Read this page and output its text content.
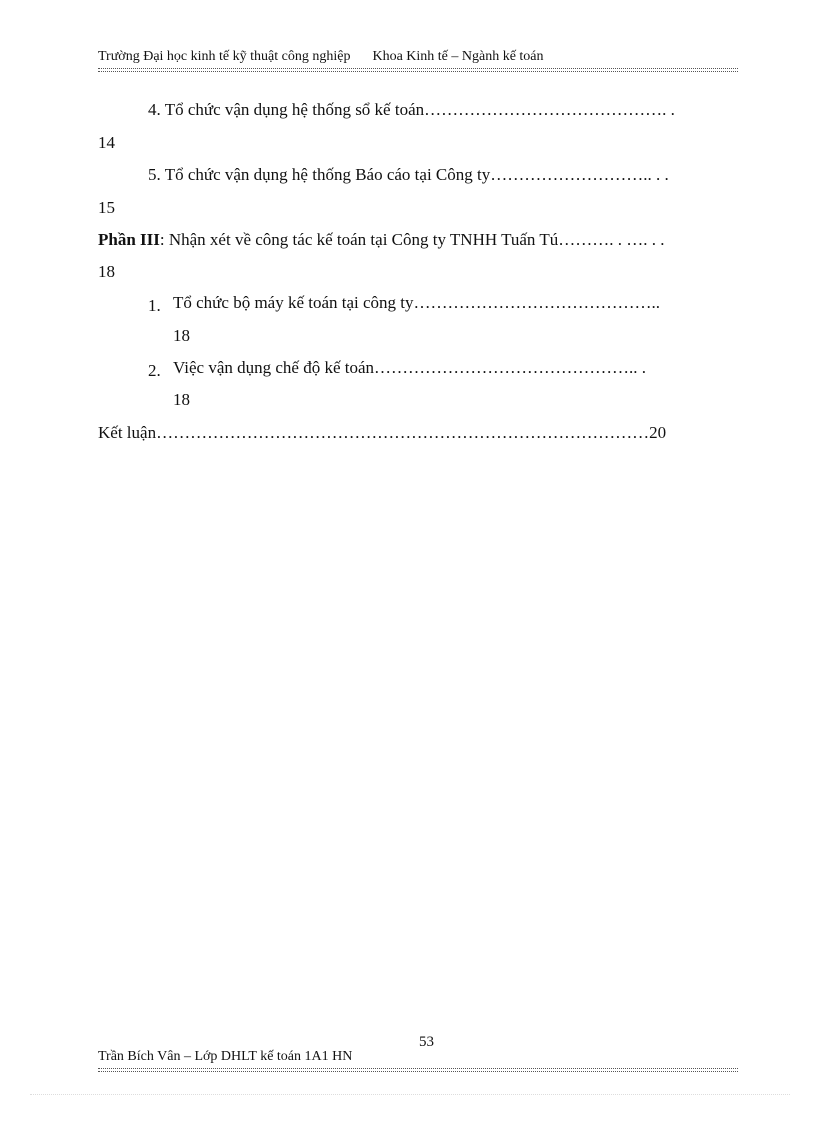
Trường Đại học kinh tế kỹ thuật công nghiệp Khoa Kinh tế – Ngành kế toán
4. Tổ chức vận dụng hệ thống sổ kế toán……………………………………. .
14
5. Tổ chức vận dụng hệ thống Báo cáo tại Công ty……………………….. . .
15
Phần III: Nhận xét về công tác kế toán tại Công ty TNHH Tuấn Tú………. . …. . .
18
1. Tổ chức bộ máy kế toán tại công ty……………………………………..
18
2. Việc vận dụng chế độ kế toán……………………………………….. .
18
Kết luận……………………………………………………………………………20
53
Trần Bích Vân – Lớp DHLT kế toán 1A1 HN
